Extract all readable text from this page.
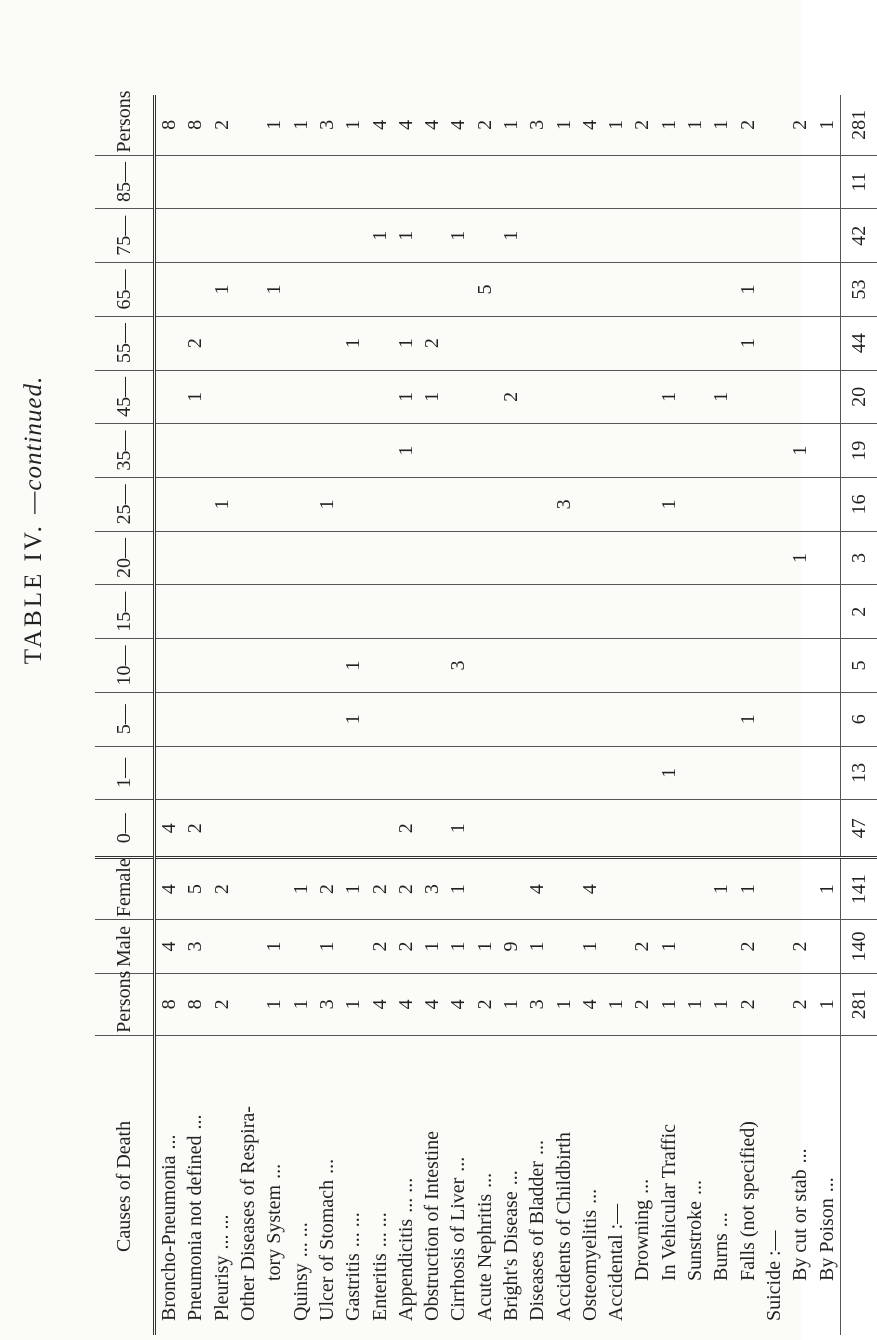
TABLE IV. —continued.
Causes of Death	Persons	Male	Female	0—	1—	5—	10—	15—	20—	25—	35—	45—	55—	65—	75—	85—	Persons
Broncho-Pneumonia...	8	4	4	4													8
Pneumonia not defined...	8	3	5	2								1	2				8
Pleurisy... ...	2		2							1				1			2
Other Diseases of Respira-																	
tory System...	1	1												1			1
Quinsy... ...	1		1														1
Ulcer of Stomach...	3	1	2							1							3
Gastritis... ...	1		1			1	1						1				1
Enteritis... ...	4	2	2												1		4
Appendicitis... ...	4	2	2	2							1	1	1		1		4
Obstruction of Intestine	4	1	3									1	2				4
Cirrhosis of Liver...	4	1	1	1			3								1		4
Acute Nephritis...	2	1												5			2
Bright's Disease...	1	9										2			1		1
Diseases of Bladder...	3	1	4														3
Accidents of Childbirth	1									3							1
Osteomyelitis...	4	1	4														4
Accidental :—	1																1
Drowning...	2	2															2
In Vehicular Traffic	1	1			1					1		1					1
Sunstroke...	1																1
Burns...	1		1									1					1
Falls (not specified)	2	2	1			1							1	1			2
Suicide :—																	
By cut or stab...	2	2							1		1						2
By Poison...	1		1														1
	281	140	141	47	13	6	5	2	3	16	19	20	44	53	42	11	281
